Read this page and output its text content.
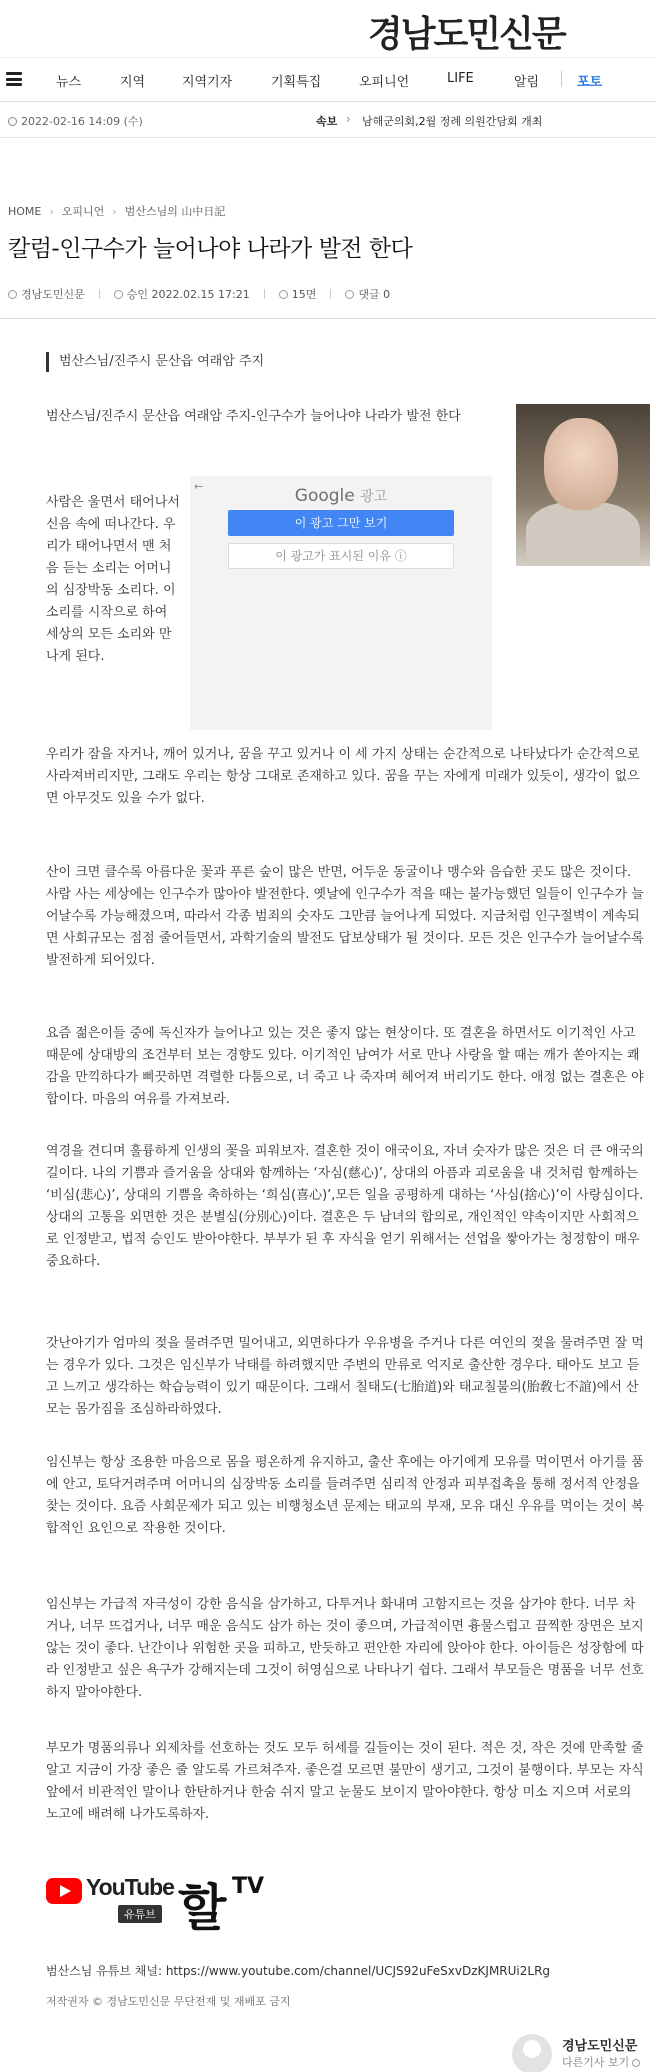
경남도민신문
뉴스	지역	지역기자	기획특집	오피니언	LIFE	알림	포토
2022-02-16 14:09 (수)	속보 › 남해군의회,2월 정례 의원간담회 개최
HOME › 오피니언 › 범산스님의 山中日記
칼럼-인구수가 늘어나야 나라가 발전 한다
경남도민신문	승인 2022.02.15 17:21	15면	댓글 0
범산스님/진주시 문산읍 여래암 주지

범산스님/진주시 문산읍 여래암 주지-인구수가 늘어나야 나라가 발전 한다

사람은 울면서 태어나서 신음 속에 떠나간다. 우리가 태어나면서 맨 처음 듣는 소리는 어머니의 심장박동 소리다. 이 소리를 시작으로 하여 세상의 모든 소리와 만나게 된다.

←	Google 광고
이 광고 그만 보기
이 광고가 표시된 이유 ⓘ

우리가 잠을 자거나, 깨어 있거나, 꿈을 꾸고 있거나 이 세 가지 상태는 순간적으로 나타났다가 순간적으로 사라져버리지만, 그래도 우리는 항상 그대로 존재하고 있다. 꿈을 꾸는 자에게 미래가 있듯이, 생각이 없으면 아무것도 있을 수가 없다.

산이 크면 클수록 아름다운 꽃과 푸른 숲이 많은 반면, 어두운 동굴이나 맹수와 음습한 곳도 많은 것이다. 사람 사는 세상에는 인구수가 많아야 발전한다. 옛날에 인구수가 적을 때는 불가능했던 일들이 인구수가 늘어날수록 가능해졌으며, 따라서 각종 범죄의 숫자도 그만큼 늘어나게 되었다. 지금처럼 인구절벽이 계속되면 사회규모는 점점 줄어들면서, 과학기술의 발전도 답보상태가 될 것이다. 모든 것은 인구수가 늘어날수록 발전하게 되어있다.

요즘 젊은이들 중에 독신자가 늘어나고 있는 것은 좋지 않는 현상이다. 또 결혼을 하면서도 이기적인 사고 때문에 상대방의 조건부터 보는 경향도 있다. 이기적인 남여가 서로 만나 사랑을 할 때는 깨가 쏟아지는 쾌감을 만끽하다가 삐끗하면 격렬한 다툼으로, 너 죽고 나 죽자며 헤어져 버리기도 한다. 애정 없는 결혼은 야합이다. 마음의 여유를 가져보라.

역경을 견디며 훌륭하게 인생의 꽃을 피워보자. 결혼한 것이 애국이요, 자녀 숫자가 많은 것은 더 큰 애국의 길이다. 나의 기쁨과 즐거움을 상대와 함께하는 ‘자심(慈心)’, 상대의 아픔과 괴로움을 내 것처럼 함께하는 ‘비심(悲心)’, 상대의 기쁨을 축하하는 ‘희심(喜心)’,모든 일을 공평하게 대하는 ‘사심(捨心)’이 사랑심이다. 상대의 고통을 외면한 것은 분별심(分別心)이다. 결혼은 두 남녀의 합의로, 개인적인 약속이지만 사회적으로 인정받고, 법적 승인도 받아야한다. 부부가 된 후 자식을 얻기 위해서는 선업을 쌓아가는 청정함이 매우 중요하다.

갓난아기가 엄마의 젖을 물려주면 밀어내고, 외면하다가 우유병을 주거나 다른 여인의 젖을 물려주면 잘 먹는 경우가 있다. 그것은 임신부가 낙태를 하려했지만 주변의 만류로 억지로 출산한 경우다. 태아도 보고 듣고 느끼고 생각하는 학습능력이 있기 때문이다. 그래서 칠태도(七胎道)와 태교칠불의(胎敎七不誼)에서 산모는 몸가짐을 조심하라하였다.

임신부는 항상 조용한 마음으로 몸을 평온하게 유지하고, 출산 후에는 아기에게 모유를 먹이면서 아기를 품에 안고, 토닥거려주며 어머니의 심장박동 소리를 들려주면 심리적 안정과 피부접촉을 통해 정서적 안정을 찾는 것이다. 요즘 사회문제가 되고 있는 비행청소년 문제는 태교의 부재, 모유 대신 우유를 먹이는 것이 복합적인 요인으로 작용한 것이다.

임신부는 가급적 자극성이 강한 음식을 삼가하고, 다투거나 화내며 고함지르는 것을 삼가야 한다. 너무 차거나, 너무 뜨겁거나, 너무 매운 음식도 삼가 하는 것이 좋으며, 가급적이면 흉물스럽고 끔찍한 장면은 보지 않는 것이 좋다. 난간이나 위험한 곳을 피하고, 반듯하고 편안한 자리에 앉아야 한다. 아이들은 성장함에 따라 인정받고 싶은 욕구가 강해지는데 그것이 허영심으로 나타나기 쉽다. 그래서 부모들은 명품을 너무 선호하지 말아야한다.

부모가 명품의류나 외제차를 선호하는 것도 모두 허세를 길들이는 것이 된다. 적은 것, 작은 것에 만족할 줄 알고 지금이 가장 좋은 줄 알도록 가르쳐주자. 좋은걸 모르면 불만이 생기고, 그것이 불행이다. 부모는 자식 앞에서 비관적인 말이나 한탄하거나 한숨 쉬지 말고 눈물도 보이지 말아야한다. 항상 미소 지으며 서로의 노고에 배려해 나가도록하자.

YouTube
유튜브 할 TV
범산스님 유튜브 채널: https://www.youtube.com/channel/UCJS92uFeSxvDzKJMRUi2LRg
저작권자 © 경남도민신문 무단전재 및 재배포 금지
경남도민신문
다른기사 보기
